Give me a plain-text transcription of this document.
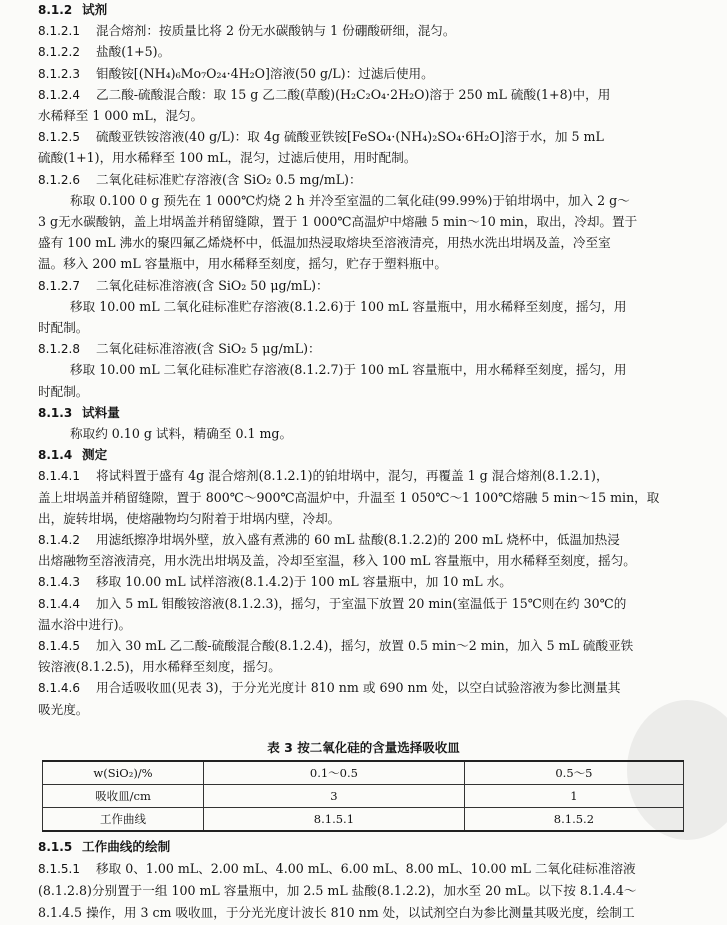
8.1.2 试剂
8.1.2.1 混合熔剂：按质量比将 2 份无水碳酸钠与 1 份硼酸研细，混匀。
8.1.2.2 盐酸(1+5)。
8.1.2.3 钼酸铵[(NH₄)₆Mo₇O₂₄·4H₂O]溶液(50 g/L)：过滤后使用。
8.1.2.4 乙二酸-硫酸混合酸：取 15 g 乙二酸(草酸)(H₂C₂O₄·2H₂O)溶于 250 mL 硫酸(1+8)中，用
水稀释至 1 000 mL，混匀。
8.1.2.5 硫酸亚铁铵溶液(40 g/L)：取 4g 硫酸亚铁铵[FeSO₄·(NH₄)₂SO₄·6H₂O]溶于水，加 5 mL
硫酸(1+1)，用水稀释至 100 mL，混匀，过滤后使用，用时配制。
8.1.2.6 二氧化硅标准贮存溶液(含 SiO₂ 0.5 mg/mL)：
称取 0.100 0 g 预先在 1 000℃灼烧 2 h 并冷至室温的二氧化硅(99.99%)于铂坩埚中，加入 2 g～
3 g无水碳酸钠，盖上坩埚盖并稍留缝隙，置于 1 000℃高温炉中熔融 5 min～10 min，取出，冷却。置于
盛有 100 mL 沸水的聚四氟乙烯烧杯中，低温加热浸取熔块至溶液清亮，用热水洗出坩埚及盖，冷至室
温。移入 200 mL 容量瓶中，用水稀释至刻度，摇匀，贮存于塑料瓶中。
8.1.2.7 二氧化硅标准溶液(含 SiO₂ 50 μg/mL)：
移取 10.00 mL 二氧化硅标准贮存溶液(8.1.2.6)于 100 mL 容量瓶中，用水稀释至刻度，摇匀，用
时配制。
8.1.2.8 二氧化硅标准溶液(含 SiO₂ 5 μg/mL)：
移取 10.00 mL 二氧化硅标准贮存溶液(8.1.2.7)于 100 mL 容量瓶中，用水稀释至刻度，摇匀，用
时配制。
8.1.3 试料量
称取约 0.10 g 试料，精确至 0.1 mg。
8.1.4 测定
8.1.4.1 将试料置于盛有 4g 混合熔剂(8.1.2.1)的铂坩埚中，混匀，再覆盖 1 g 混合熔剂(8.1.2.1)，
盖上坩埚盖并稍留缝隙，置于 800℃～900℃高温炉中，升温至 1 050℃～1 100℃熔融 5 min～15 min，取
出，旋转坩埚，使熔融物均匀附着于坩埚内壁，冷却。
8.1.4.2 用滤纸擦净坩埚外壁，放入盛有煮沸的 60 mL 盐酸(8.1.2.2)的 200 mL 烧杯中，低温加热浸
出熔融物至溶液清亮，用水洗出坩埚及盖，冷却至室温，移入 100 mL 容量瓶中，用水稀释至刻度，摇匀。
8.1.4.3 移取 10.00 mL 试样溶液(8.1.4.2)于 100 mL 容量瓶中，加 10 mL 水。
8.1.4.4 加入 5 mL 钼酸铵溶液(8.1.2.3)，摇匀，于室温下放置 20 min(室温低于 15℃则在约 30℃的
温水浴中进行)。
8.1.4.5 加入 30 mL 乙二酸-硫酸混合酸(8.1.2.4)，摇匀，放置 0.5 min～2 min，加入 5 mL 硫酸亚铁
铵溶液(8.1.2.5)，用水稀释至刻度，摇匀。
8.1.4.6 用合适吸收皿(见表 3)，于分光光度计 810 nm 或 690 nm 处，以空白试验溶液为参比测量其
吸光度。
表 3 按二氧化硅的含量选择吸收皿
w(SiO₂)/%	0.1～0.5	0.5～5
吸收皿/cm	3	1
工作曲线	8.1.5.1	8.1.5.2
8.1.5 工作曲线的绘制
8.1.5.1 移取 0、1.00 mL、2.00 mL、4.00 mL、6.00 mL、8.00 mL、10.00 mL 二氧化硅标准溶液
(8.1.2.8)分别置于一组 100 mL 容量瓶中，加 2.5 mL 盐酸(8.1.2.2)，加水至 20 mL。以下按 8.1.4.4～
8.1.4.5 操作，用 3 cm 吸收皿，于分光光度计波长 810 nm 处，以试剂空白为参比测量其吸光度，绘制工
